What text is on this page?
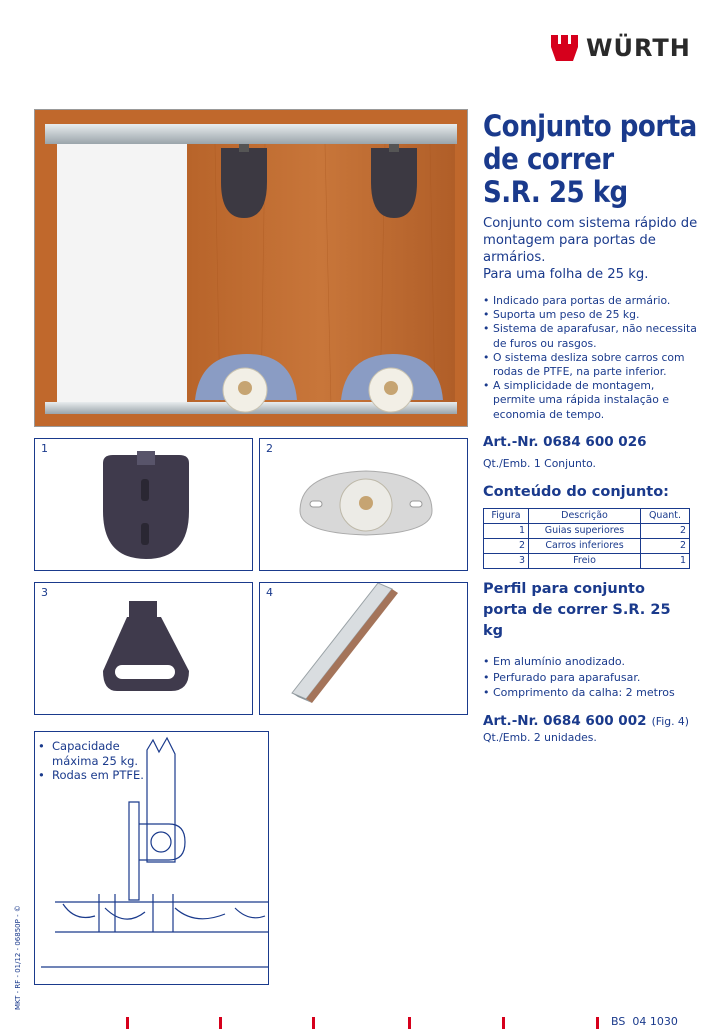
WÜRTH
Conjunto porta
de correr
S.R. 25 kg
Conjunto com sistema rápido de montagem para portas de armários.
Para uma folha de 25 kg.
• Indicado para portas de armário.
• Suporta um peso de 25 kg.
• Sistema de aparafusar, não necessita de furos ou rasgos.
• O sistema desliza sobre carros com rodas de PTFE, na parte inferior.
• A simplicidade de montagem, permite uma rápida instalação e economia de tempo.
Art.-Nr. 0684 600 026
Qt./Emb. 1 Conjunto.
Conteúdo do conjunto:
Figura	Descrição	Quant.
1	Guias superiores	2
2	Carros inferiores	2
3	Freio	1
Perfil para conjunto porta de correr S.R. 25 kg
• Em alumínio anodizado.
• Perfurado para aparafusar.
• Comprimento da calha: 2 metros
Art.-Nr. 0684 600 002 (Fig. 4)
Qt./Emb. 2 unidades.
1	2
3	4
• Capacidade máxima 25 kg.
• Rodas em PTFE.
MKT - RF - 01/12 - 06850P - ©
BS  04 1030
